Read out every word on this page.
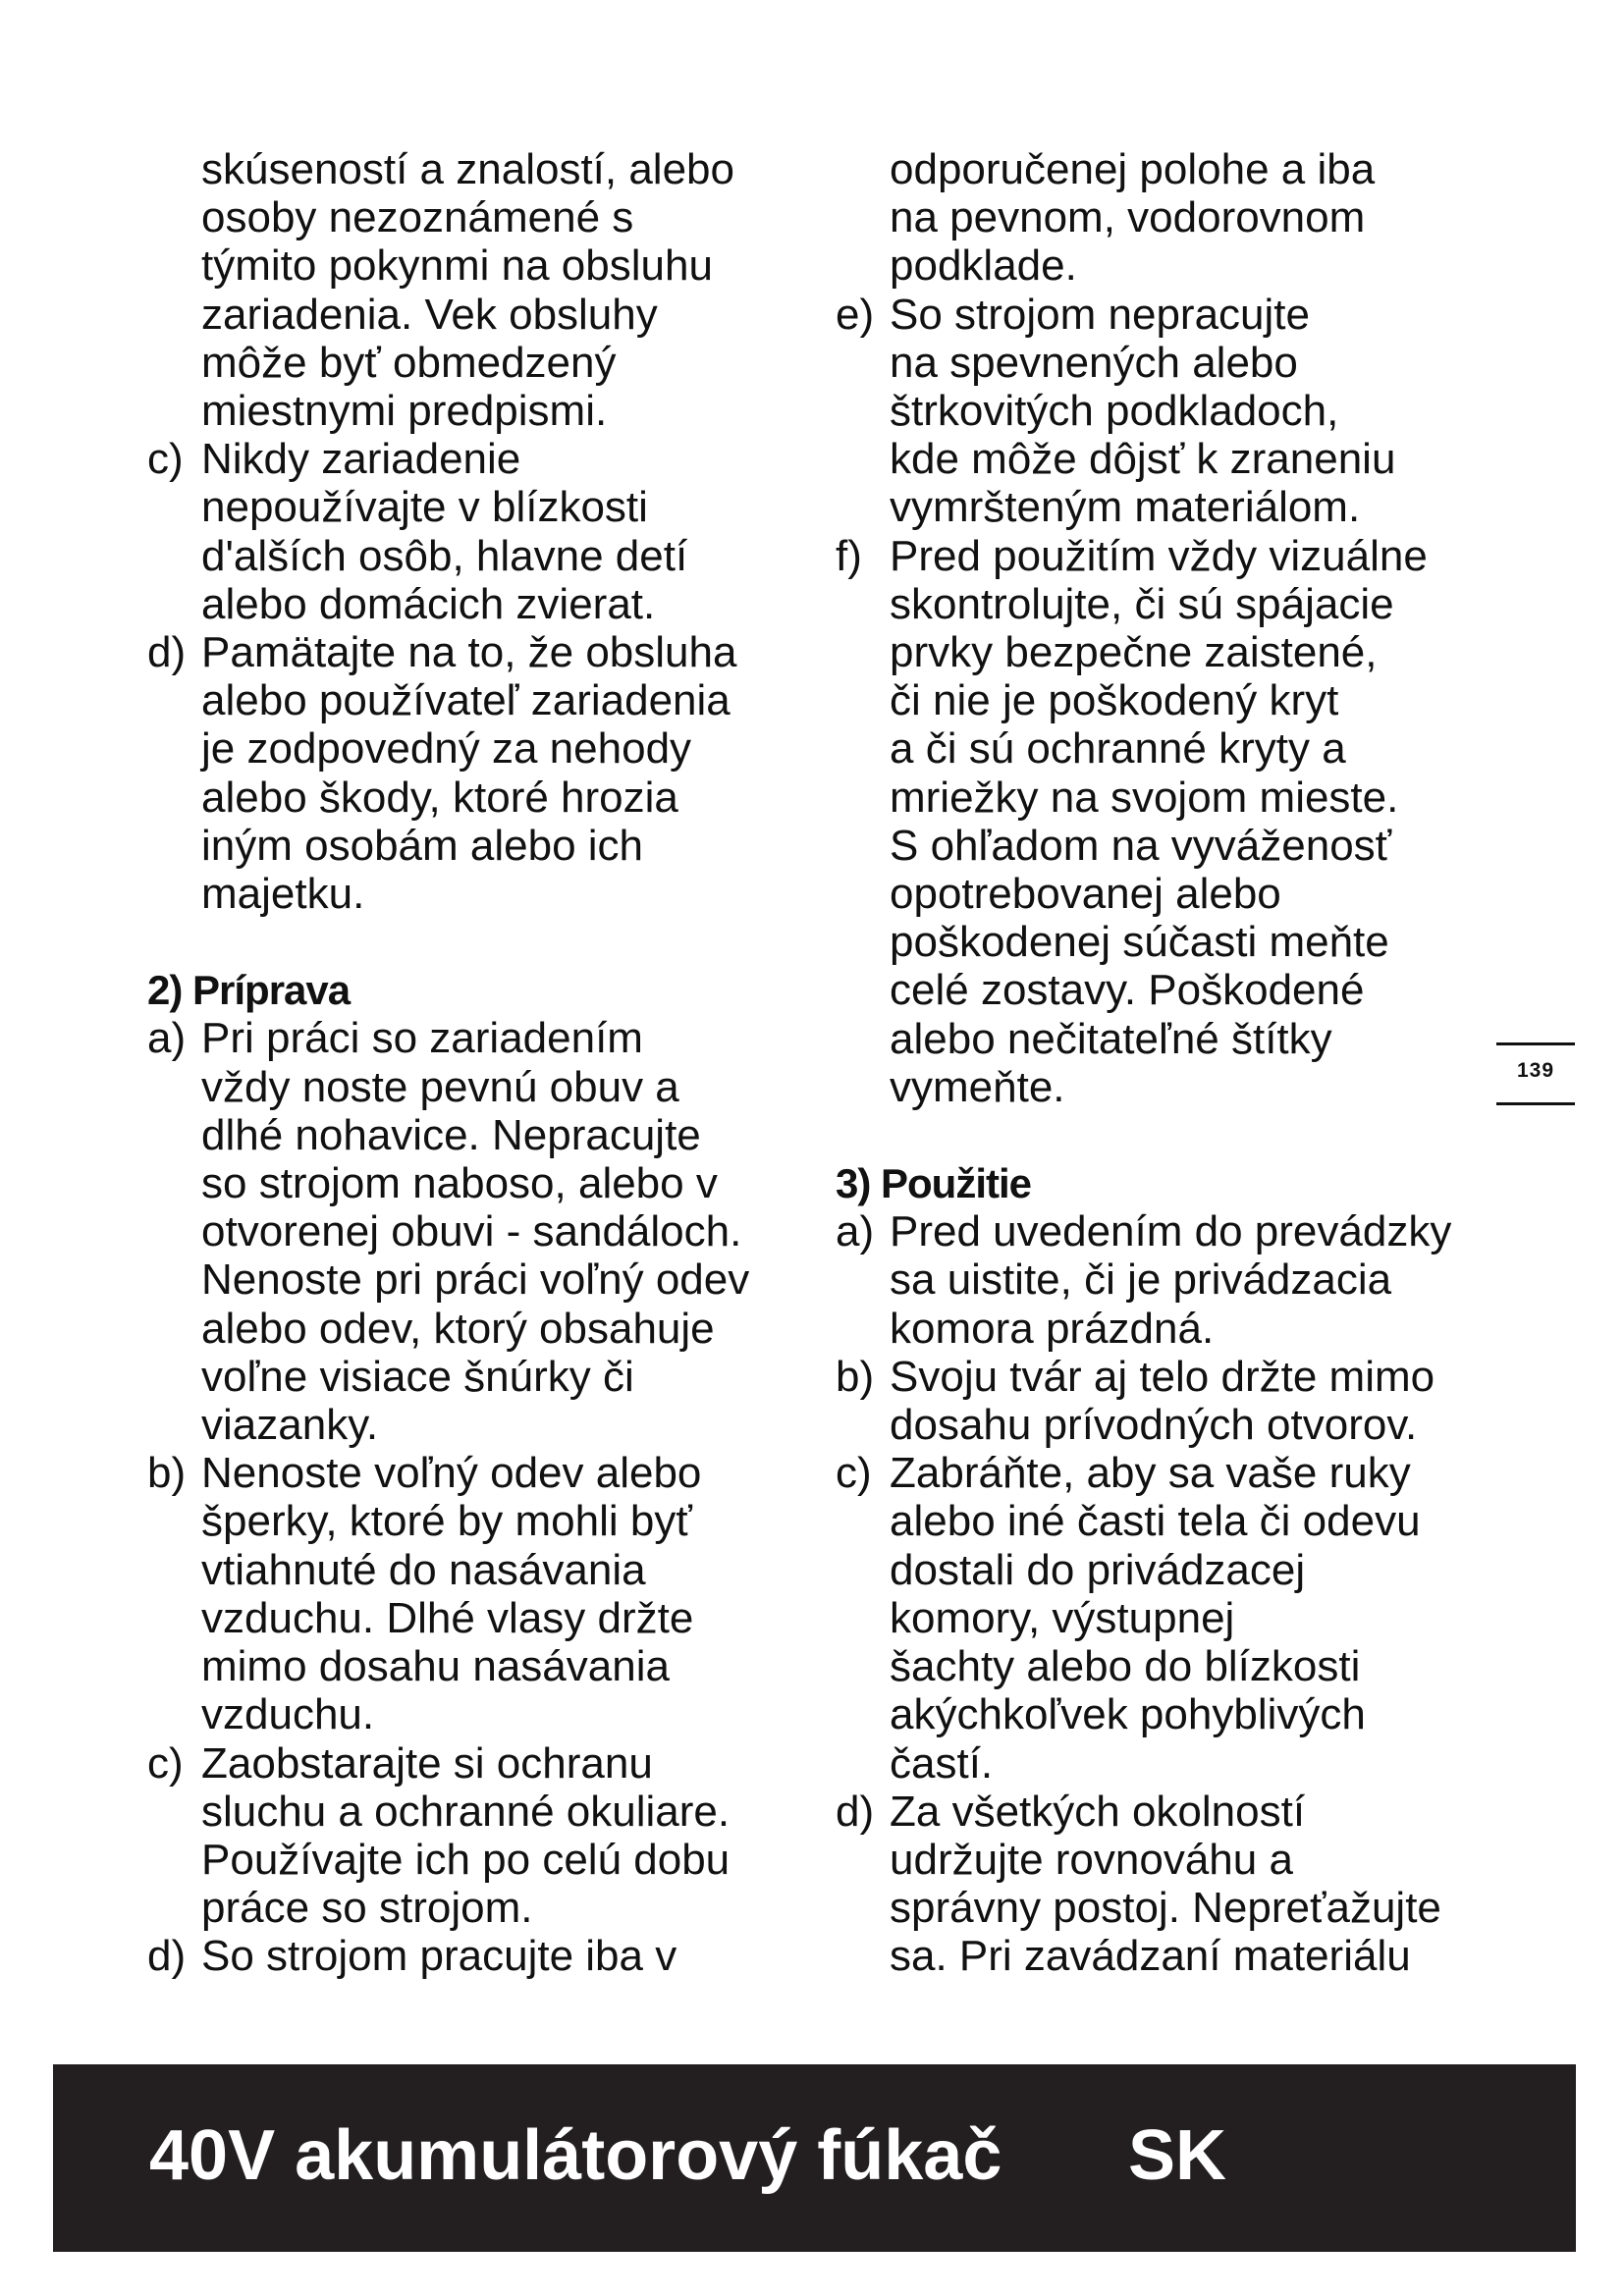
skúseností a znalostí, alebo
osoby nezoznámené s
týmito pokynmi na obsluhu
zariadenia. Vek obsluhy
môže byť obmedzený
miestnymi predpismi.
c) Nikdy zariadenie
nepoužívajte v blízkosti
d'alších osôb, hlavne detí
alebo domácich zvierat.
d) Pamätajte na to, že obsluha
alebo používateľ zariadenia
je zodpovedný za nehody
alebo škody, ktoré hrozia
iným osobám alebo ich
majetku.
2) Príprava
a) Pri práci so zariadením
vždy noste pevnú obuv a
dlhé nohavice. Nepracujte
so strojom naboso, alebo v
otvorenej obuvi - sandáloch.
Nenoste pri práci voľný odev
alebo odev, ktorý obsahuje
voľne visiace šnúrky či
viazanky.
b) Nenoste voľný odev alebo
šperky, ktoré by mohli byť
vtiahnuté do nasávania
vzduchu. Dlhé vlasy držte
mimo dosahu nasávania
vzduchu.
c) Zaobstarajte si ochranu
sluchu a ochranné okuliare.
Používajte ich po celú dobu
práce so strojom.
d) So strojom pracujte iba v
odporučenej polohe a iba
na pevnom, vodorovnom
podklade.
e) So strojom nepracujte
na spevnených alebo
štrkovitých podkladoch,
kde môže dôjsť k zraneniu
vymršteným materiálom.
f) Pred použitím vždy vizuálne
skontrolujte, či sú spájacie
prvky bezpečne zaistené,
či nie je poškodený kryt
a či sú ochranné kryty a
mriežky na svojom mieste.
S ohľadom na vyváženosť
opotrebovanej alebo
poškodenej súčasti meňte
celé zostavy. Poškodené
alebo nečitateľné štítky
vymeňte.
3) Použitie
a) Pred uvedením do prevádzky
sa uistite, či je privádzacia
komora prázdná.
b) Svoju tvár aj telo držte mimo
dosahu prívodných otvorov.
c) Zabráňte, aby sa vaše ruky
alebo iné časti tela či odevu
dostali do privádzacej
komory, výstupnej
šachty alebo do blízkosti
akýchkoľvek pohyblivých
častí.
d) Za všetkých okolností
udržujte rovnováhu a
správny postoj. Nepreťažujte
sa. Pri zavádzaní materiálu
139
40V akumulátorový fúkač SK
